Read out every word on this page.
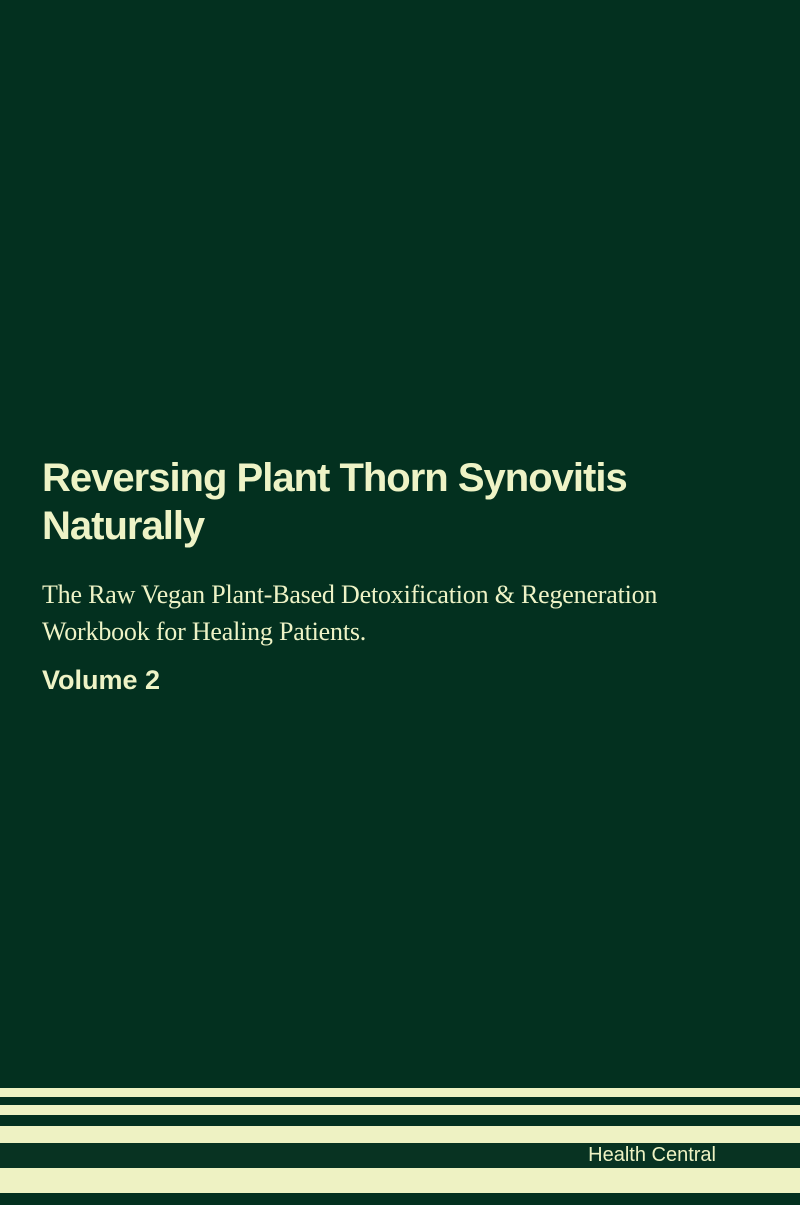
Reversing Plant Thorn Synovitis
Naturally
The Raw Vegan Plant-Based Detoxification & Regeneration
Workbook for Healing Patients.
Volume 2
Health Central
